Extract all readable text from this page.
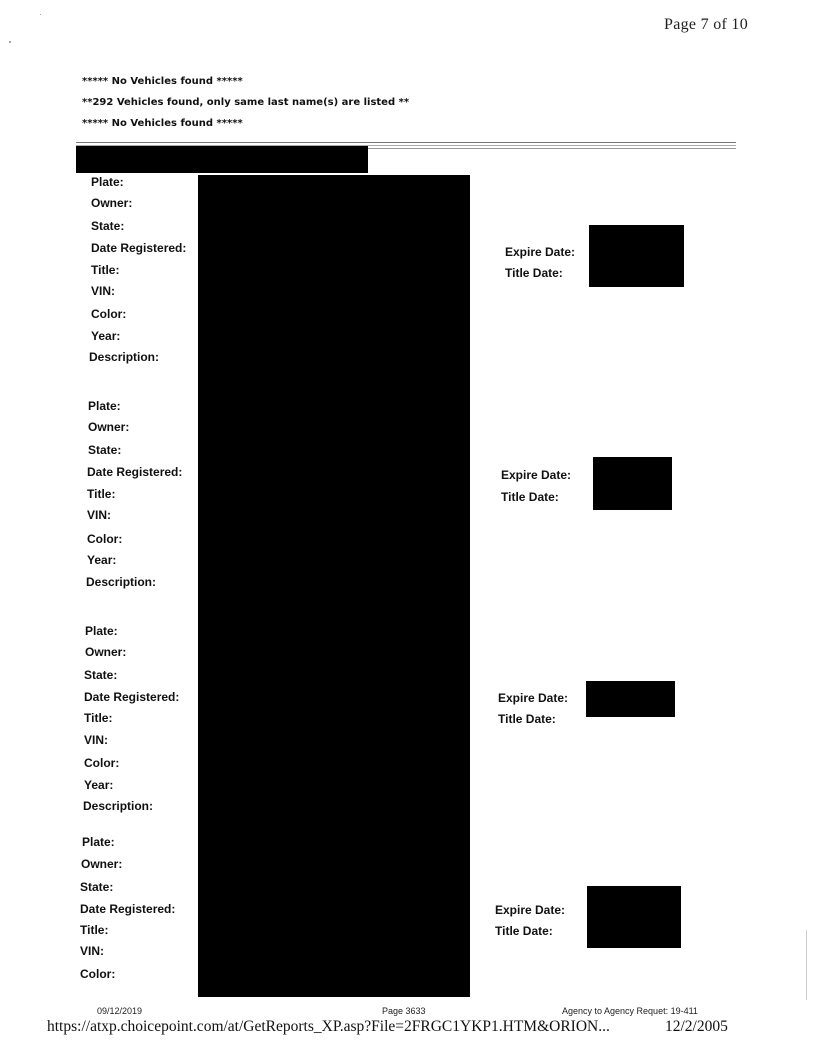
Page 7 of 10
***** No Vehicles found *****
**292 Vehicles found, only same last name(s) are listed **
***** No Vehicles found *****
Plate:
Owner:
State:
Date Registered:
Title:
VIN:
Color:
Year:
Description:
Expire Date:
Title Date:
Plate:
Owner:
State:
Date Registered:
Title:
VIN:
Color:
Year:
Description:
Expire Date:
Title Date:
Plate:
Owner:
State:
Date Registered:
Title:
VIN:
Color:
Year:
Description:
Expire Date:
Title Date:
Plate:
Owner:
State:
Date Registered:
Title:
VIN:
Color:
Expire Date:
Title Date:
09/12/2019	Page 3633	Agency to Agency Requet: 19-411
https://atxp.choicepoint.com/at/GetReports_XP.asp?File=2FRGC1YKP1.HTM&ORION...	12/2/2005
